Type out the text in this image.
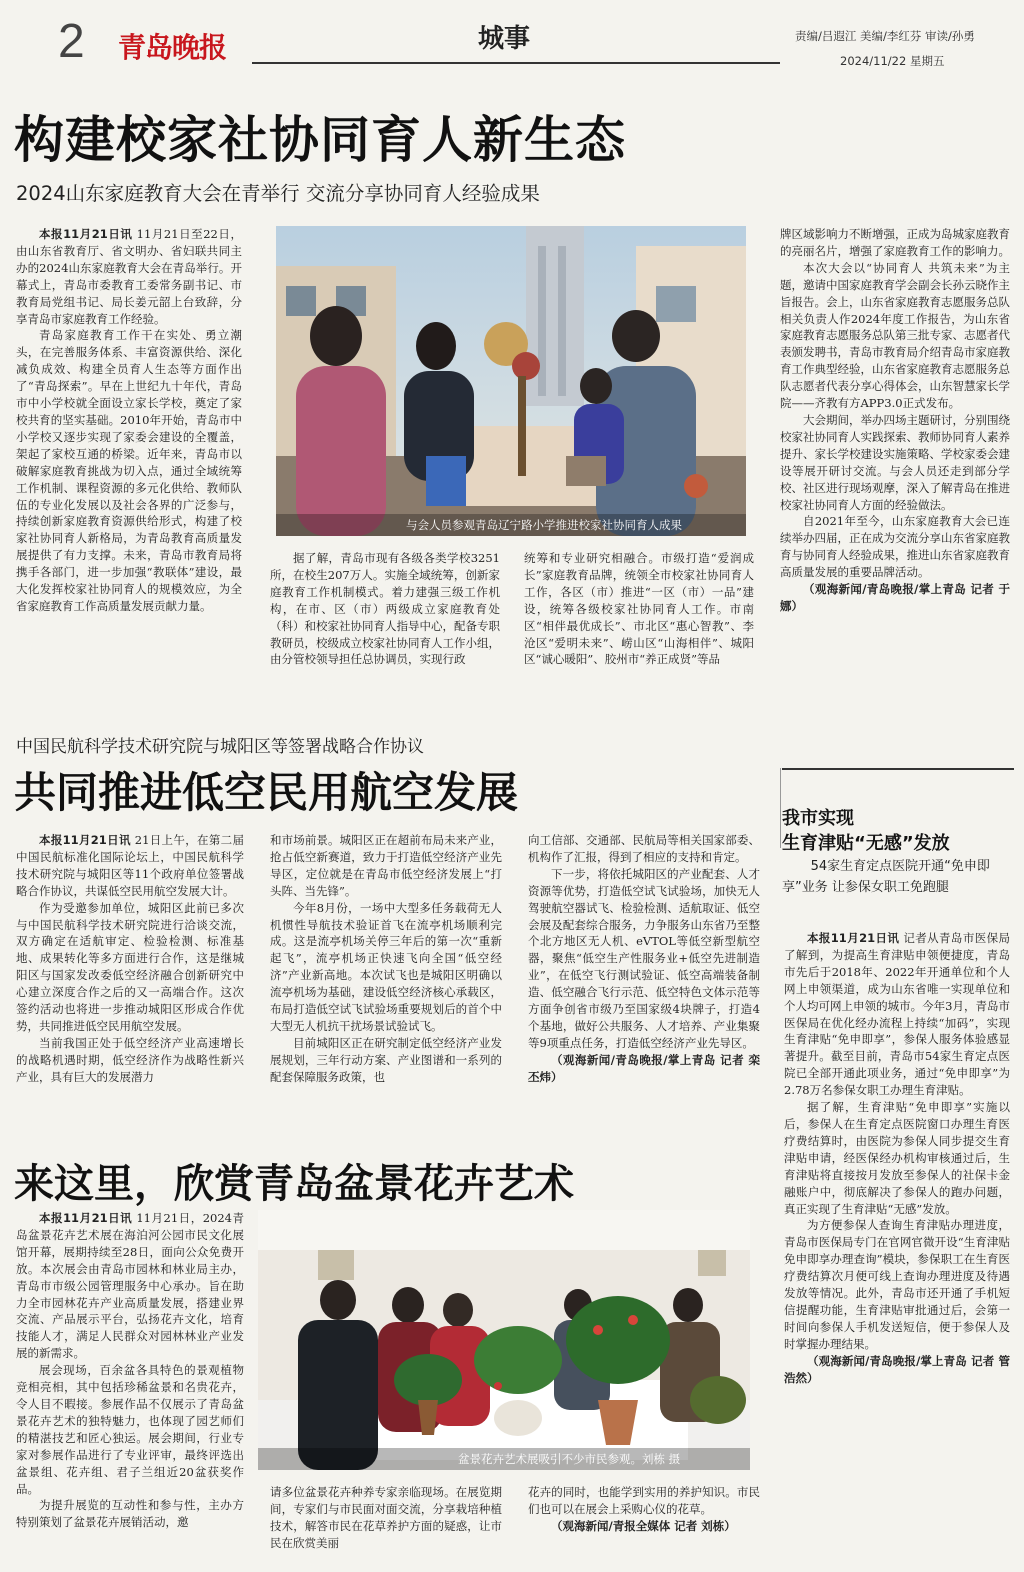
2 青岛晚报	城事	责编/吕遐江 美编/李红芬 审读/孙勇
2024/11/22 星期五
构建校家社协同育人新生态
2024山东家庭教育大会在青举行 交流分享协同育人经验成果

本报11月21日讯 11月21日至22日，由山东省教育厅、省文明办、省妇联共同主办的2024山东家庭教育大会在青岛举行。开幕式上，青岛市委教育工委常务副书记、市教育局党组书记、局长姜元韶上台致辞，分享青岛市家庭教育工作经验。

青岛家庭教育工作干在实处、勇立潮头，在完善服务体系、丰富资源供给、深化减负成效、构建全员育人生态等方面作出了“青岛探索”。早在上世纪九十年代，青岛市中小学校就全面设立家长学校，奠定了家校共育的坚实基础。2010年开始，青岛市中小学校又逐步实现了家委会建设的全覆盖，架起了家校互通的桥梁。近年来，青岛市以破解家庭教育挑战为切入点，通过全域统筹工作机制、课程资源的多元化供给、教师队伍的专业化发展以及社会各界的广泛参与，持续创新家庭教育资源供给形式，构建了校家社协同育人新格局，为青岛教育高质量发展提供了有力支撑。未来，青岛市教育局将携手各部门，进一步加强“教联体”建设，最大化发挥校家社协同育人的规模效应，为全省家庭教育工作高质量发展贡献力量。

与会人员参观青岛辽宁路小学推进校家社协同育人成果

据了解，青岛市现有各级各类学校3251所，在校生207万人。实施全域统筹，创新家庭教育工作机制模式。着力建强三级工作机构，在市、区（市）两级成立家庭教育处（科）和校家社协同育人指导中心，配备专职教研员，校级成立校家社协同育人工作小组，由分管校领导担任总协调员，实现行政

统筹和专业研究相融合。市级打造“爱润成长”家庭教育品牌，统领全市校家社协同育人工作，各区（市）推进“一区（市）一品”建设，统筹各级校家社协同育人工作。市南区“相伴最优成长”、市北区“惠心智教”、李沧区“爱明未来”、崂山区“山海相伴”、城阳区“诚心暖阳”、胶州市“养正成贤”等品

牌区域影响力不断增强，正成为岛城家庭教育的亮丽名片，增强了家庭教育工作的影响力。

本次大会以“协同育人 共筑未来”为主题，邀请中国家庭教育学会副会长孙云晓作主旨报告。会上，山东省家庭教育志愿服务总队相关负责人作2024年度工作报告，为山东省家庭教育志愿服务总队第三批专家、志愿者代表颁发聘书，青岛市教育局介绍青岛市家庭教育工作典型经验，山东省家庭教育志愿服务总队志愿者代表分享心得体会，山东智慧家长学院——齐教有方APP3.0正式发布。

大会期间，举办四场主题研讨，分别围绕校家社协同育人实践探索、教师协同育人素养提升、家长学校建设实施策略、学校家委会建设等展开研讨交流。与会人员还走到部分学校、社区进行现场观摩，深入了解青岛在推进校家社协同育人方面的经验做法。

自2021年至今，山东家庭教育大会已连续举办四届，正在成为交流分享山东省家庭教育与协同育人经验成果，推进山东省家庭教育高质量发展的重要品牌活动。

（观海新闻/青岛晚报/掌上青岛 记者 于娜）

中国民航科学技术研究院与城阳区等签署战略合作协议
共同推进低空民用航空发展

本报11月21日讯 21日上午，在第二届中国民航标准化国际论坛上，中国民航科学技术研究院与城阳区等11个政府单位签署战略合作协议，共谋低空民用航空发展大计。

作为受邀参加单位，城阳区此前已多次与中国民航科学技术研究院进行洽谈交流，双方确定在适航审定、检验检测、标准基地、成果转化等多方面进行合作，这是继城阳区与国家发改委低空经济融合创新研究中心建立深度合作之后的又一高端合作。这次签约活动也将进一步推动城阳区形成合作优势，共同推进低空民用航空发展。

当前我国正处于低空经济产业高速增长的战略机遇时期，低空经济作为战略性新兴产业，具有巨大的发展潜力

和市场前景。城阳区正在超前布局未来产业，抢占低空新赛道，致力于打造低空经济产业先导区，定位就是在青岛市低空经济发展上“打头阵、当先锋”。

今年8月份，一场中大型多任务载荷无人机惯性导航技术验证首飞在流亭机场顺利完成。这是流亭机场关停三年后的第一次“重新起飞”，流亭机场正快速飞向全国“低空经济”产业新高地。本次试飞也是城阳区明确以流亭机场为基础，建设低空经济核心承载区，布局打造低空试飞试验场重要规划后的首个中大型无人机抗干扰场景试验试飞。

目前城阳区正在研究制定低空经济产业发展规划，三年行动方案、产业图谱和一系列的配套保障服务政策，也

向工信部、交通部、民航局等相关国家部委、机构作了汇报，得到了相应的支持和肯定。

下一步，将依托城阳区的产业配套、人才资源等优势，打造低空试飞试验场，加快无人驾驶航空器试飞、检验检测、适航取证、低空会展及配套综合服务，力争服务山东省乃至整个北方地区无人机、eVTOL等低空新型航空器，聚焦“低空生产性服务业+低空先进制造业”，在低空飞行测试验证、低空高端装备制造、低空融合飞行示范、低空特色文体示范等方面争创省市级乃至国家级4块牌子，打造4个基地，做好公共服务、人才培养、产业集聚等9项重点任务，打造低空经济产业先导区。

（观海新闻/青岛晚报/掌上青岛 记者 栾丕炜）

我市实现
生育津贴“无感”发放
54家生育定点医院开通“免申即享”业务 让参保女职工免跑腿

本报11月21日讯 记者从青岛市医保局了解到，为提高生育津贴申领便捷度，青岛市先后于2018年、2022年开通单位和个人网上申领渠道，成为山东省唯一实现单位和个人均可网上申领的城市。今年3月，青岛市医保局在优化经办流程上持续“加码”，实现生育津贴“免申即享”，参保人服务体验感显著提升。截至目前，青岛市54家生育定点医院已全部开通此项业务，通过“免申即享”为2.78万名参保女职工办理生育津贴。

据了解，生育津贴“免申即享”实施以后，参保人在生育定点医院窗口办理生育医疗费结算时，由医院为参保人同步提交生育津贴申请，经医保经办机构审核通过后，生育津贴将直接按月发放至参保人的社保卡金融账户中，彻底解决了参保人的跑办问题，真正实现了生育津贴“无感”发放。

为方便参保人查询生育津贴办理进度，青岛市医保局专门在官网官微开设“生育津贴免申即享办理查询”模块，参保职工在生育医疗费结算次月便可线上查询办理进度及待遇发放等情况。此外，青岛市还开通了手机短信提醒功能，生育津贴审批通过后，会第一时间向参保人手机发送短信，便于参保人及时掌握办理结果。

（观海新闻/青岛晚报/掌上青岛 记者 管浩然）

来这里，欣赏青岛盆景花卉艺术

本报11月21日讯 11月21日，2024青岛盆景花卉艺术展在海泊河公园市民文化展馆开幕，展期持续至28日，面向公众免费开放。本次展会由青岛市园林和林业局主办，青岛市市级公园管理服务中心承办。旨在助力全市园林花卉产业高质量发展，搭建业界交流、产品展示平台，弘扬花卉文化，培育技能人才，满足人民群众对园林林业产业发展的新需求。

展会现场，百余盆各具特色的景观植物竞相亮相，其中包括珍稀盆景和名贵花卉，令人目不暇接。参展作品不仅展示了青岛盆景花卉艺术的独特魅力，也体现了园艺师们的精湛技艺和匠心独运。展会期间，行业专家对参展作品进行了专业评审，最终评选出盆景组、花卉组、君子兰组近20盆获奖作品。

为提升展览的互动性和参与性，主办方特别策划了盆景花卉展销活动，邀

盆景花卉艺术展吸引不少市民参观。刘栋 摄

请多位盆景花卉种养专家亲临现场。在展览期间，专家们与市民面对面交流，分享栽培种植技术，解答市民在花草养护方面的疑惑，让市民在欣赏美丽

花卉的同时，也能学到实用的养护知识。市民们也可以在展会上采购心仪的花草。

（观海新闻/青报全媒体 记者 刘栋）
